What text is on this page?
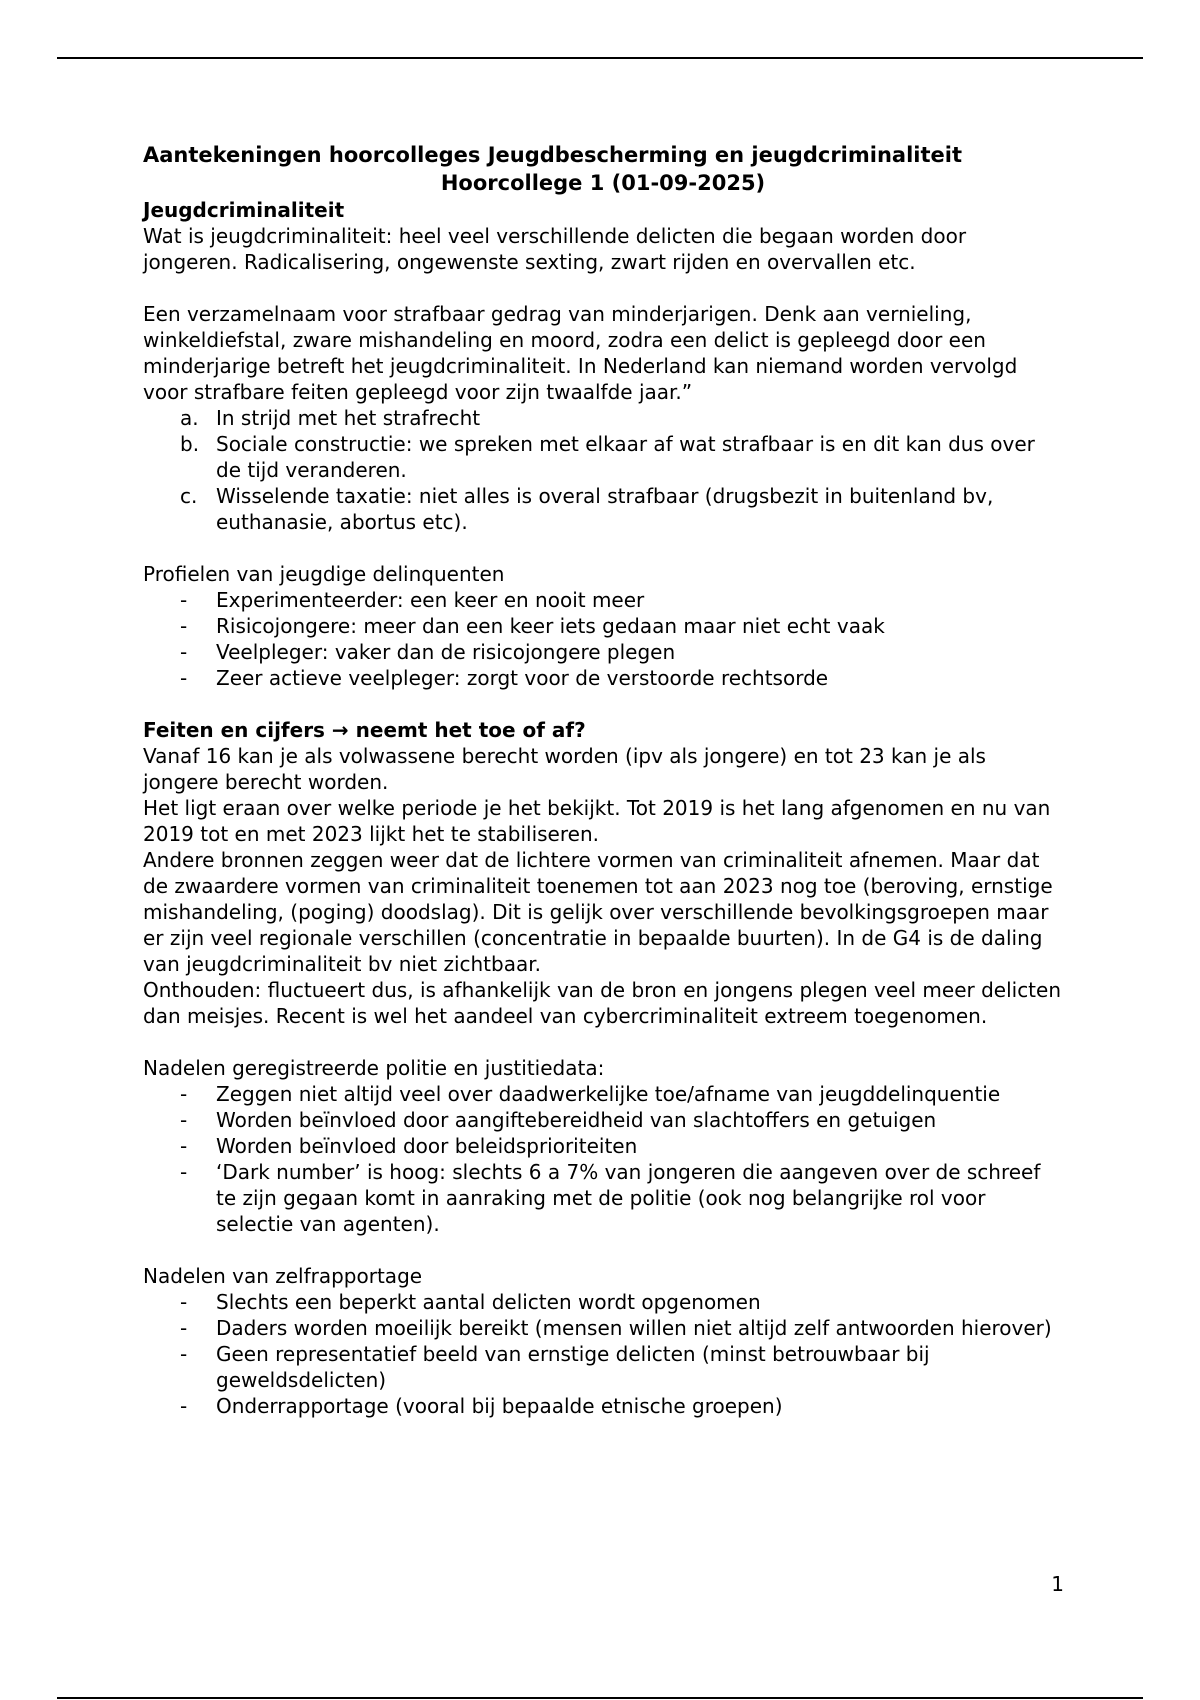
Aantekeningen hoorcolleges Jeugdbescherming en jeugdcriminaliteit
Hoorcollege 1 (01-09-2025)

Jeugdcriminaliteit

Wat is jeugdcriminaliteit: heel veel verschillende delicten die begaan worden door jongeren. Radicalisering, ongewenste sexting, zwart rijden en overvallen etc.

Een verzamelnaam voor strafbaar gedrag van minderjarigen. Denk aan vernieling, winkeldiefstal, zware mishandeling en moord, zodra een delict is gepleegd door een minderjarige betreft het jeugdcriminaliteit. In Nederland kan niemand worden vervolgd voor strafbare feiten gepleegd voor zijn twaalfde jaar.”

a. In strijd met het strafrecht
b. Sociale constructie: we spreken met elkaar af wat strafbaar is en dit kan dus over de tijd veranderen.
c. Wisselende taxatie: niet alles is overal strafbaar (drugsbezit in buitenland bv, euthanasie, abortus etc).

Profielen van jeugdige delinquenten

-	Experimenteerder: een keer en nooit meer
-	Risicojongere: meer dan een keer iets gedaan maar niet echt vaak
-	Veelpleger: vaker dan de risicojongere plegen
-	Zeer actieve veelpleger: zorgt voor de verstoorde rechtsorde

Feiten en cijfers → neemt het toe of af?

Vanaf 16 kan je als volwassene berecht worden (ipv als jongere) en tot 23 kan je als jongere berecht worden.

Het ligt eraan over welke periode je het bekijkt. Tot 2019 is het lang afgenomen en nu van 2019 tot en met 2023 lijkt het te stabiliseren.

Andere bronnen zeggen weer dat de lichtere vormen van criminaliteit afnemen. Maar dat de zwaardere vormen van criminaliteit toenemen tot aan 2023 nog toe (beroving, ernstige mishandeling, (poging) doodslag). Dit is gelijk over verschillende bevolkingsgroepen maar er zijn veel regionale verschillen (concentratie in bepaalde buurten). In de G4 is de daling van jeugdcriminaliteit bv niet zichtbaar.

Onthouden: fluctueert dus, is afhankelijk van de bron en jongens plegen veel meer delicten dan meisjes. Recent is wel het aandeel van cybercriminaliteit extreem toegenomen.

Nadelen geregistreerde politie en justitiedata:

-	Zeggen niet altijd veel over daadwerkelijke toe/afname van jeugddelinquentie
-	Worden beïnvloed door aangiftebereidheid van slachtoffers en getuigen
-	Worden beïnvloed door beleidsprioriteiten
-	‘Dark number’ is hoog: slechts 6 a 7% van jongeren die aangeven over de schreef te zijn gegaan komt in aanraking met de politie (ook nog belangrijke rol voor selectie van agenten).

Nadelen van zelfrapportage

-	Slechts een beperkt aantal delicten wordt opgenomen
-	Daders worden moeilijk bereikt (mensen willen niet altijd zelf antwoorden hierover)
-	Geen representatief beeld van ernstige delicten (minst betrouwbaar bij geweldsdelicten)
-	Onderrapportage (vooral bij bepaalde etnische groepen)
1
